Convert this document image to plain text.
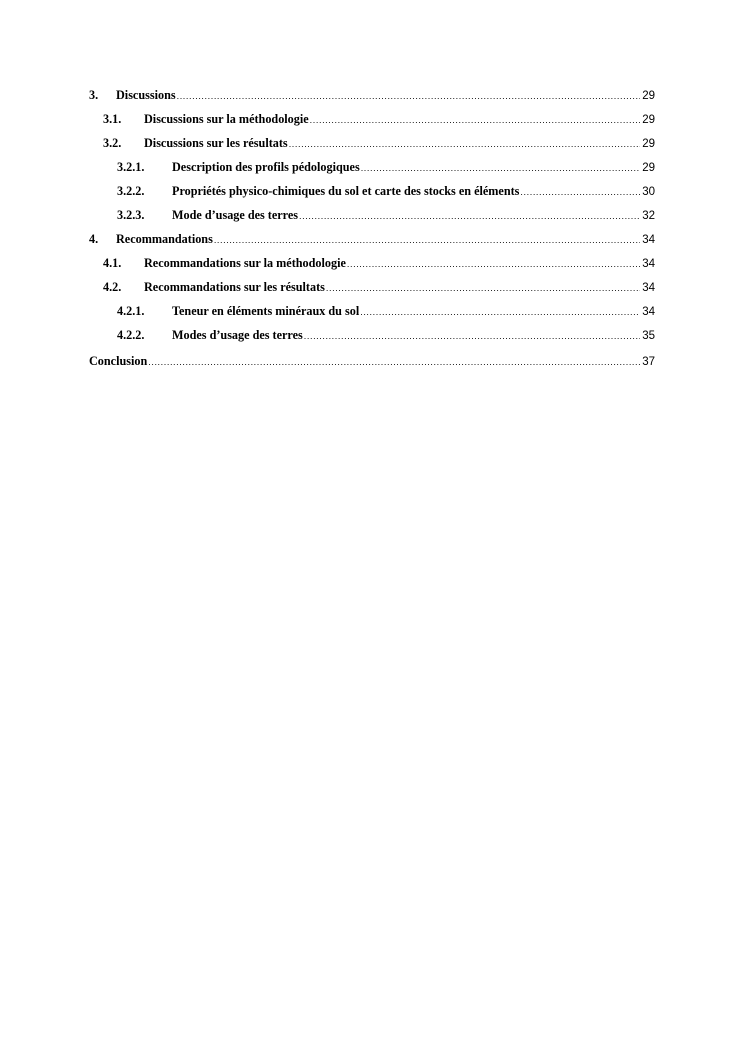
3.	Discussions .....	29
3.1.	Discussions sur la méthodologie .....	29
3.2.	Discussions sur les résultats .....	29
3.2.1.	Description des profils pédologiques .....	29
3.2.2.	Propriétés physico-chimiques du sol et carte des stocks en éléments .....	30
3.2.3.	Mode d’usage des terres .....	32
4.	Recommandations .....	34
4.1.	Recommandations sur la méthodologie .....	34
4.2.	Recommandations sur les résultats .....	34
4.2.1.	Teneur en éléments minéraux du sol .....	34
4.2.2.	Modes d’usage des terres .....	35
Conclusion .....	37
